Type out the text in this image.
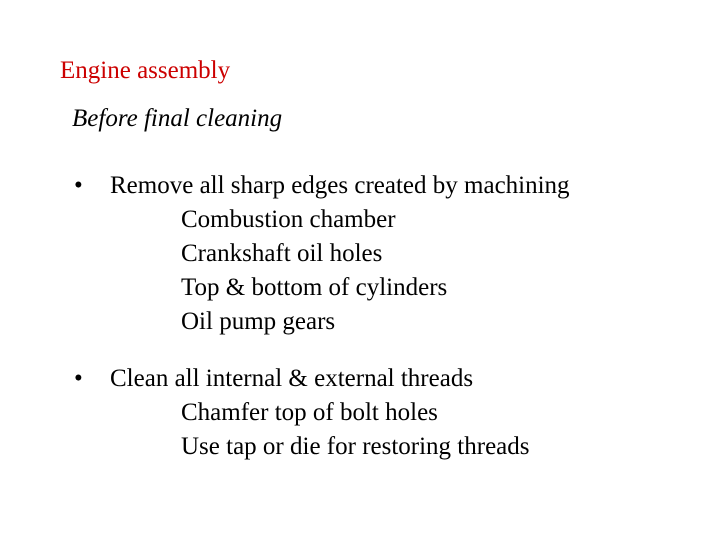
Engine assembly
Before final cleaning
• Remove all sharp edges created by machining
Combustion chamber
Crankshaft oil holes
Top & bottom of cylinders
Oil pump gears
• Clean all internal & external threads
Chamfer top of bolt holes
Use tap or die for restoring threads
